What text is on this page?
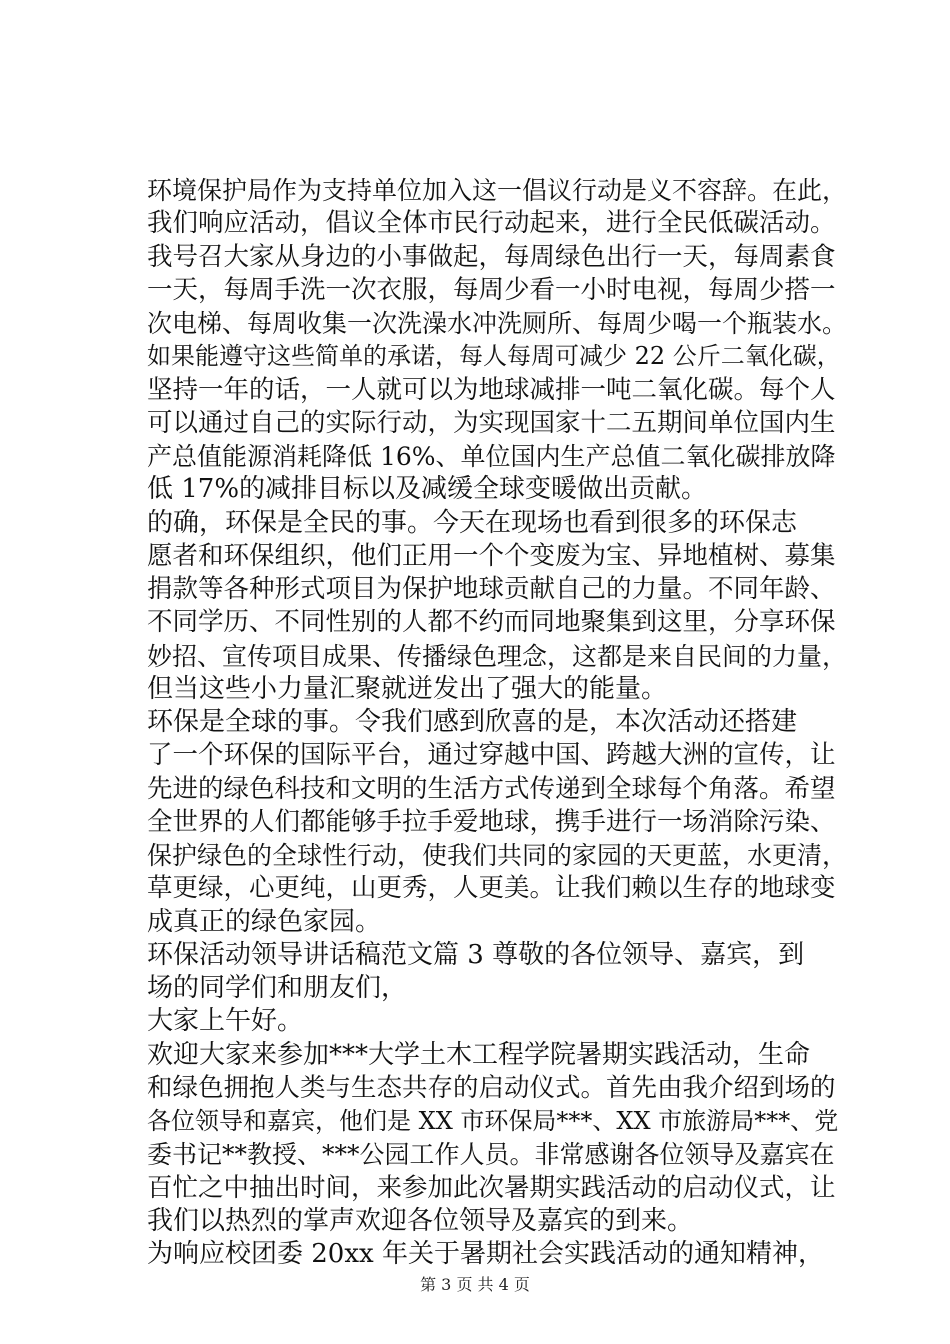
环境保护局作为支持单位加入这一倡议行动是义不容辞。在此，
我们响应活动，倡议全体市民行动起来，进行全民低碳活动。
我号召大家从身边的小事做起，每周绿色出行一天，每周素食
一天，每周手洗一次衣服，每周少看一小时电视，每周少搭一
次电梯、每周收集一次洗澡水冲洗厕所、每周少喝一个瓶装水。
如果能遵守这些简单的承诺，每人每周可减少 22 公斤二氧化碳，
坚持一年的话，一人就可以为地球减排一吨二氧化碳。每个人
可以通过自己的实际行动，为实现国家十二五期间单位国内生
产总值能源消耗降低 16%、单位国内生产总值二氧化碳排放降
低 17%的减排目标以及减缓全球变暖做出贡献。
的确，环保是全民的事。今天在现场也看到很多的环保志
愿者和环保组织，他们正用一个个变废为宝、异地植树、募集
捐款等各种形式项目为保护地球贡献自己的力量。不同年龄、
不同学历、不同性别的人都不约而同地聚集到这里，分享环保
妙招、宣传项目成果、传播绿色理念，这都是来自民间的力量，
但当这些小力量汇聚就迸发出了强大的能量。
环保是全球的事。令我们感到欣喜的是，本次活动还搭建
了一个环保的国际平台，通过穿越中国、跨越大洲的宣传，让
先进的绿色科技和文明的生活方式传递到全球每个角落。希望
全世界的人们都能够手拉手爱地球，携手进行一场消除污染、
保护绿色的全球性行动，使我们共同的家园的天更蓝，水更清，
草更绿，心更纯，山更秀，人更美。让我们赖以生存的地球变
成真正的绿色家园。
环保活动领导讲话稿范文篇 3 尊敬的各位领导、嘉宾，到
场的同学们和朋友们，
大家上午好。
欢迎大家来参加***大学土木工程学院暑期实践活动，生命
和绿色拥抱人类与生态共存的启动仪式。首先由我介绍到场的
各位领导和嘉宾，他们是 XX 市环保局***、XX 市旅游局***、党
委书记**教授、***公园工作人员。非常感谢各位领导及嘉宾在
百忙之中抽出时间，来参加此次暑期实践活动的启动仪式，让
我们以热烈的掌声欢迎各位领导及嘉宾的到来。
为响应校团委 20xx 年关于暑期社会实践活动的通知精神，
第 3 页 共 4 页
